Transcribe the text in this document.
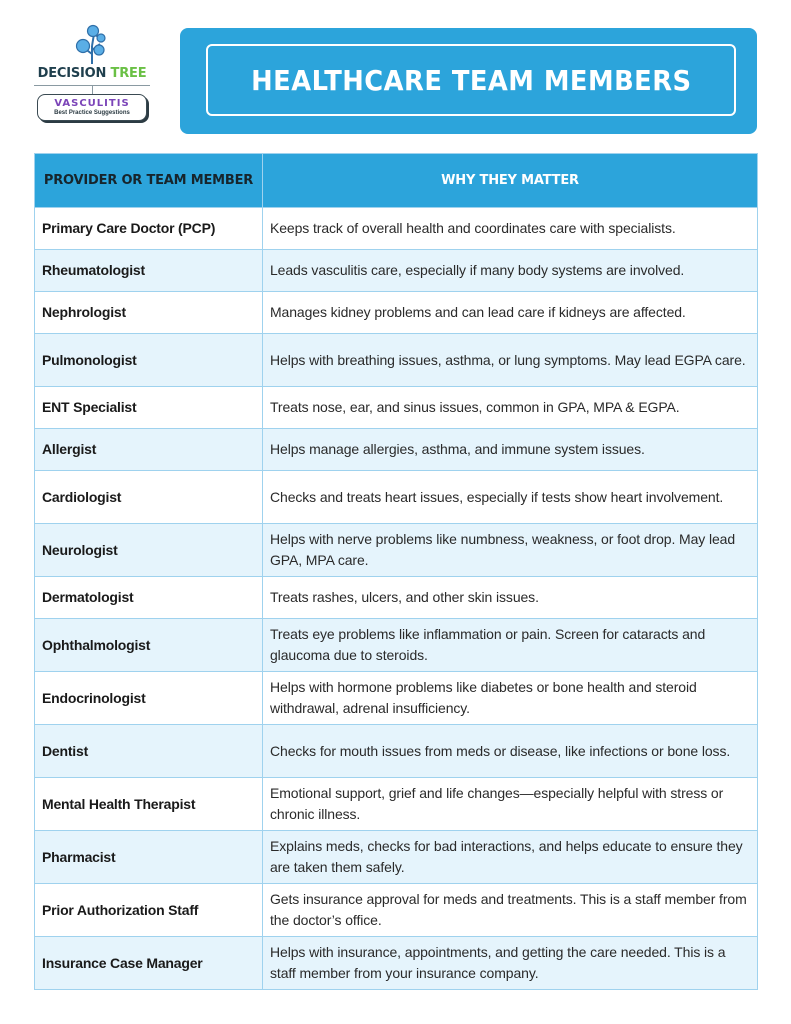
DECISION TREE
VASCULITIS
Best Practice Suggestions
HEALTHCARE TEAM MEMBERS
PROVIDER OR TEAM MEMBER	WHY THEY MATTER
Primary Care Doctor (PCP)	Keeps track of overall health and coordinates care with specialists.
Rheumatologist	Leads vasculitis care, especially if many body systems are involved.
Nephrologist	Manages kidney problems and can lead care if kidneys are affected.
Pulmonologist	Helps with breathing issues, asthma, or lung symptoms. May lead EGPA care.
ENT Specialist	Treats nose, ear, and sinus issues, common in GPA, MPA & EGPA.
Allergist	Helps manage allergies, asthma, and immune system issues.
Cardiologist	Checks and treats heart issues, especially if tests show heart involvement.
Neurologist	Helps with nerve problems like numbness, weakness, or foot drop. May lead GPA, MPA care.
Dermatologist	Treats rashes, ulcers, and other skin issues.
Ophthalmologist	Treats eye problems like inflammation or pain. Screen for cataracts and glaucoma due to steroids.
Endocrinologist	Helps with hormone problems like diabetes or bone health and steroid withdrawal, adrenal insufficiency.
Dentist	Checks for mouth issues from meds or disease, like infections or bone loss.
Mental Health Therapist	Emotional support, grief and life changes—especially helpful with stress or chronic illness.
Pharmacist	Explains meds, checks for bad interactions, and helps educate to ensure they are taken them safely.
Prior Authorization Staff	Gets insurance approval for meds and treatments. This is a staff member from the doctor’s office.
Insurance Case Manager	Helps with insurance, appointments, and getting the care needed. This is a staff member from your insurance company.
